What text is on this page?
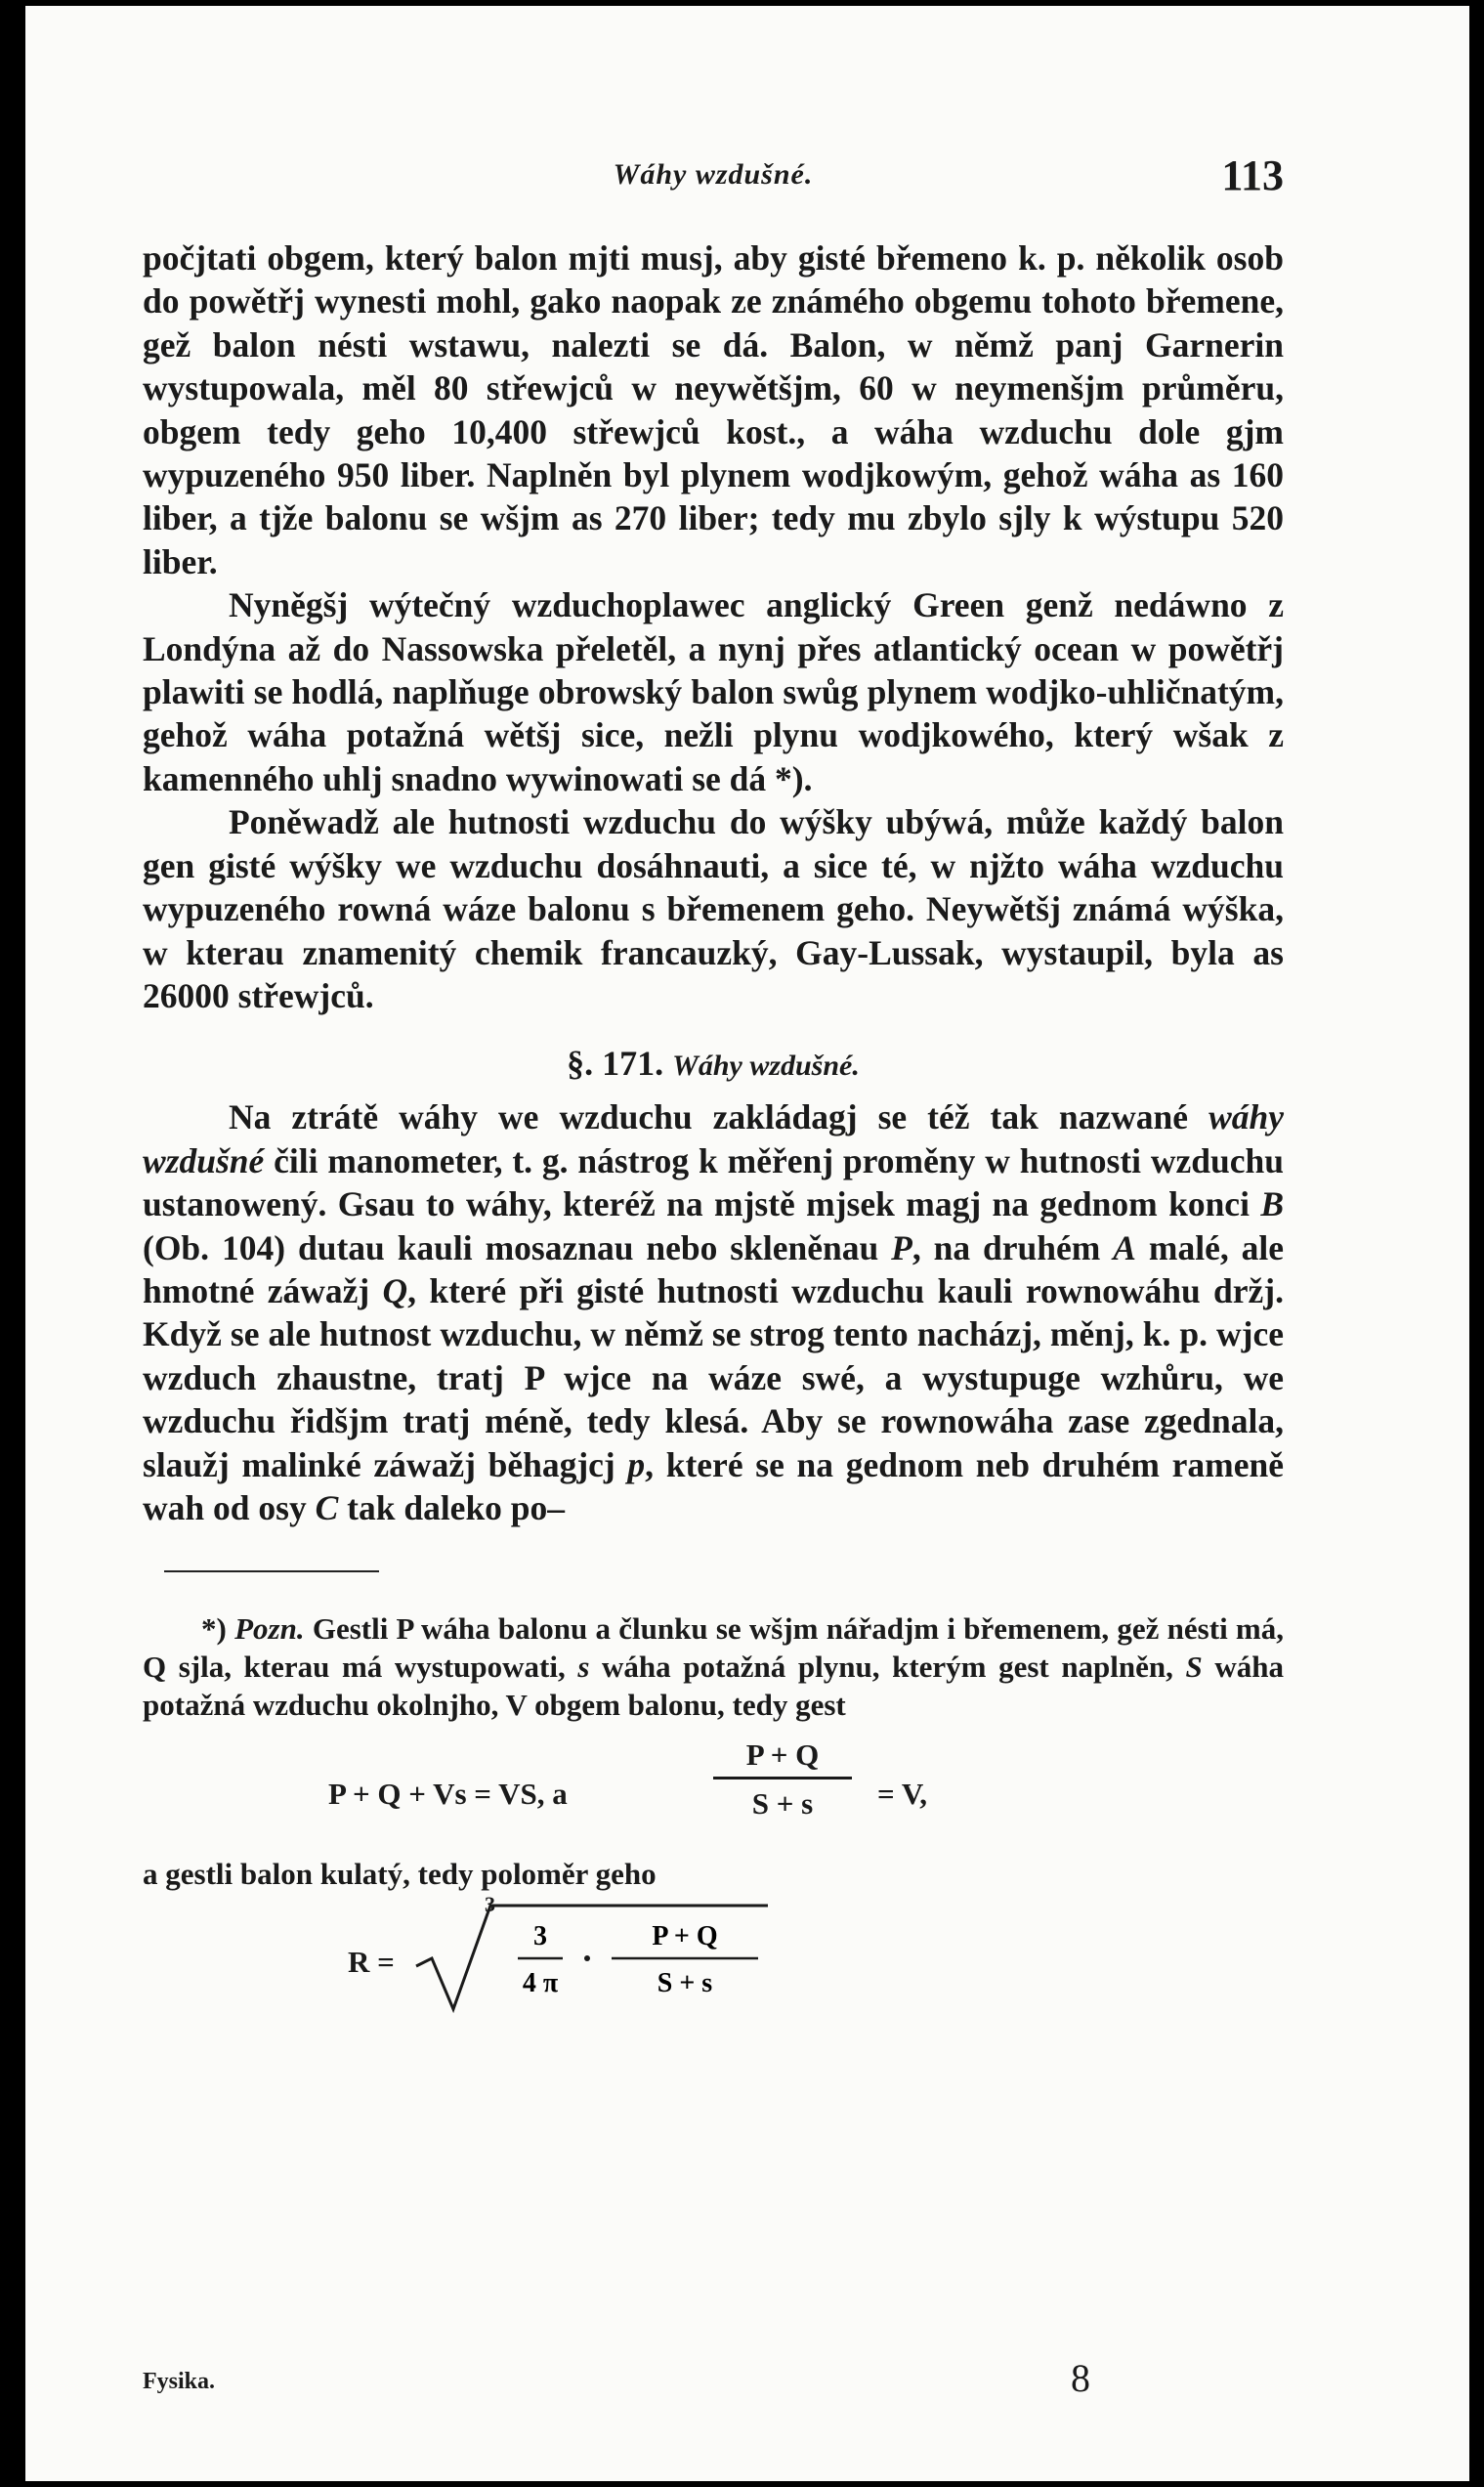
Wáhy wzdušné.	113

počjtati obgem, který balon mjti musj, aby gisté břemeno k. p. několik osob do powětřj wynesti mohl, gako naopak ze známého obgemu tohoto břemene, gež balon nésti wstawu, nalezti se dá. Balon, w němž panj Garnerin wystupowala, měl 80 střewjců w neywětšjm, 60 w neymenšjm průměru, obgem tedy geho 10,400 střewjců kost., a wáha wzduchu dole gjm wypuzeného 950 liber. Naplněn byl plynem wodjkowým, gehož wáha as 160 liber, a tjže balonu se wšjm as 270 liber; tedy mu zbylo sjly k wýstupu 520 liber.

Nyněgšj wýtečný wzduchoplawec anglický Green genž nedáwno z Londýna až do Nassowska přeletěl, a nynj přes atlantický ocean w powětřj plawiti se hodlá, naplňuge obrowský balon swůg plynem wodjko-uhličnatým, gehož wáha potažná wětšj sice, nežli plynu wodjkowého, který wšak z kamenného uhlj snadno wywinowati se dá *).

Poněwadž ale hutnosti wzduchu do wýšky ubýwá, může každý balon gen gisté wýšky we wzduchu dosáhnauti, a sice té, w njžto wáha wzduchu wypuzeného rowná wáze balonu s břemenem geho. Neywětšj známá wýška, w kterau znamenitý chemik francauzký, Gay-Lussak, wystaupil, byla as 26000 střewjců.

§. 171. Wáhy wzdušné.

Na ztrátě wáhy we wzduchu zakládagj se též tak nazwané wáhy wzdušné čili manometer, t. g. nástrog k měřenj proměny w hutnosti wzduchu ustanowený. Gsau to wáhy, kteréž na mjstě mjsek magj na gednom konci B (Ob. 104) dutau kauli mosaznau nebo skleněnau P, na druhém A malé, ale hmotné záwažj Q, které při gisté hutnosti wzduchu kauli rownowáhu držj. Když se ale hutnost wzduchu, w němž se strog tento nacházj, měnj, k. p. wjce wzduch zhaustne, tratj P wjce na wáze swé, a wystupuge wzhůru, we wzduchu řidšjm tratj méně, tedy klesá. Aby se rownowáha zase zgednala, slaužj malinké záwažj běhagjcj p, které se na gednom neb druhém rameně wah od osy C tak daleko po–

*) Pozn. Gestli P wáha balonu a člunku se wšjm nářadjm i břemenem, gež nésti má, Q sjla, kterau má wystupowati, s wáha potažná plynu, kterým gest naplněn, S wáha potažná wzduchu okolnjho, V obgem balonu, tedy gest

P + Q + Vs = VS, a
P + Q
S + s	= V,

a gestli balon kulatý, tedy poloměr geho

R =
3
4 π
P + Q
S + s
3
Fysika.	8
